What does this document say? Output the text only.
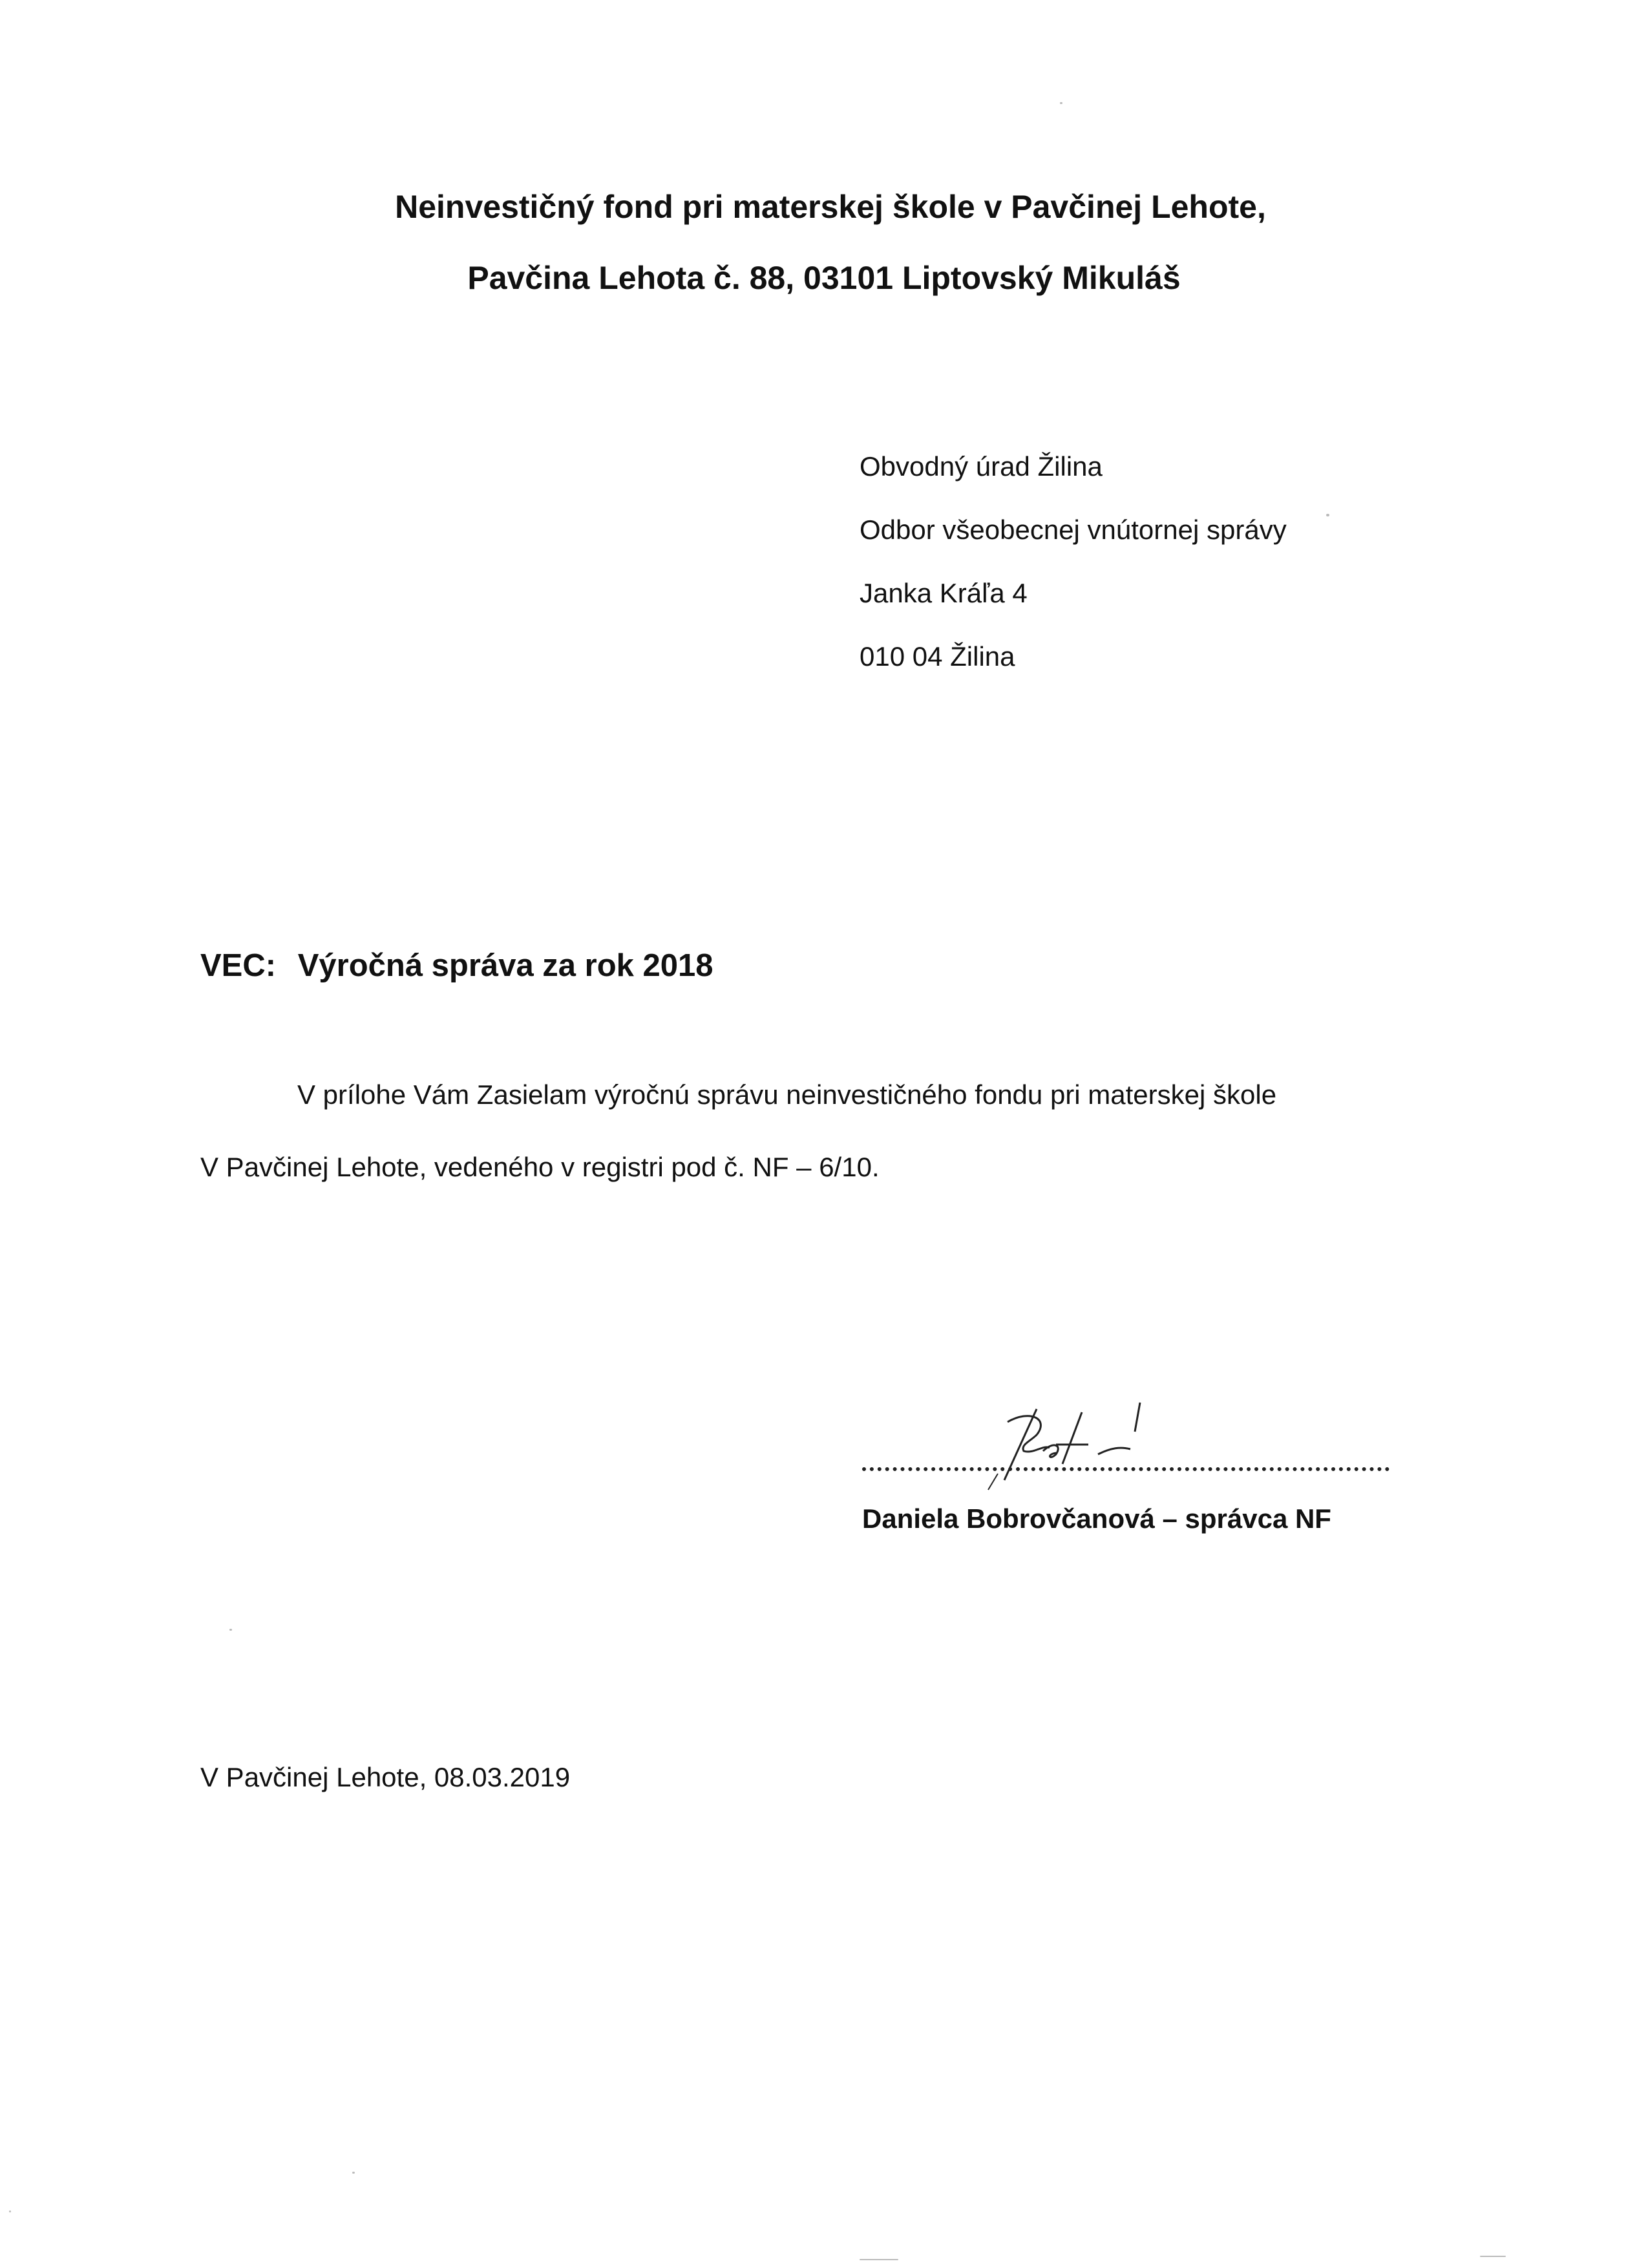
Neinvestičný fond pri materskej škole v Pavčinej Lehote,
Pavčina Lehota č. 88, 03101 Liptovský Mikuláš
Obvodný úrad Žilina
Odbor všeobecnej vnútornej správy
Janka Kráľa 4
010 04 Žilina
VEC: Výročná správa za rok 2018
V prílohe Vám Zasielam výročnú správu neinvestičného fondu pri materskej škole
V Pavčinej Lehote, vedeného v registri pod č. NF – 6/10.
Daniela Bobrovčanová – správca NF
V Pavčinej Lehote, 08.03.2019
